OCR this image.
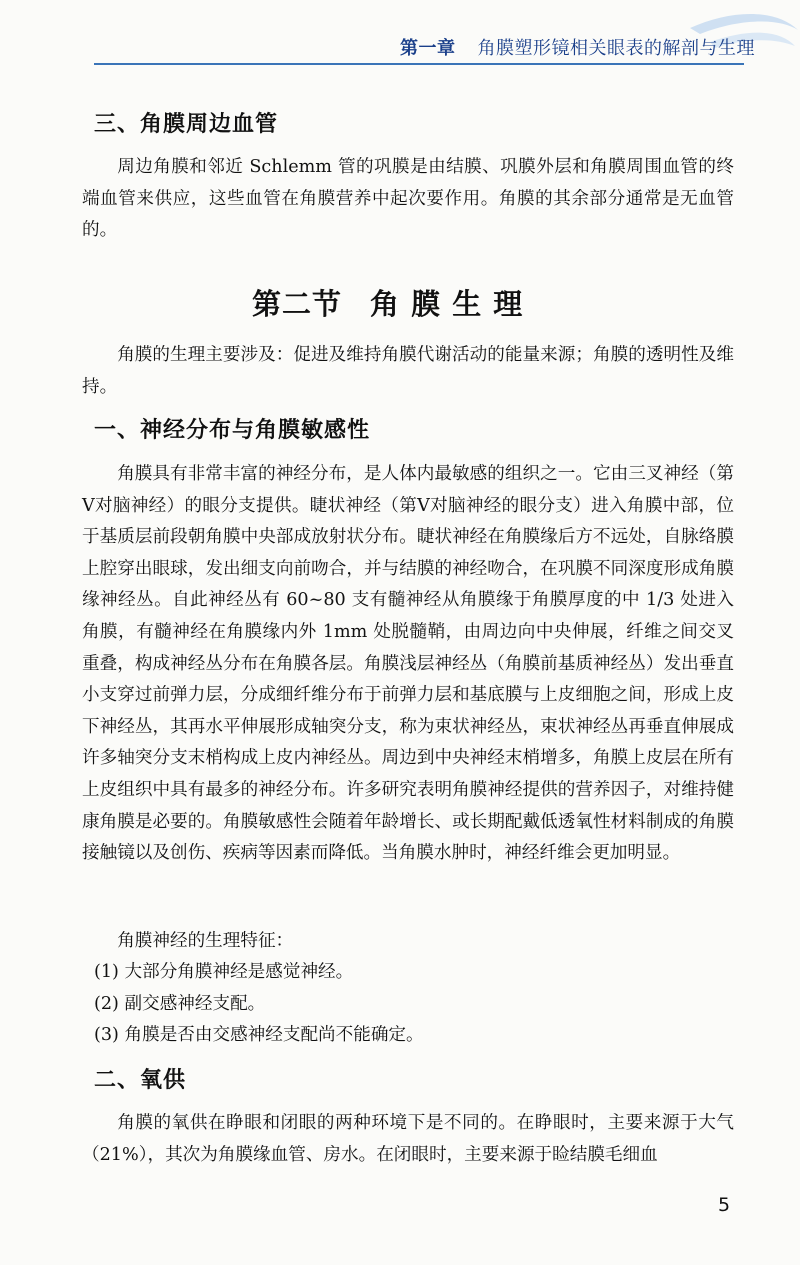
第一章 角膜塑形镜相关眼表的解剖与生理
三、角膜周边血管

周边角膜和邻近 Schlemm 管的巩膜是由结膜、巩膜外层和角膜周围血管的终端血管来供应，这些血管在角膜营养中起次要作用。角膜的其余部分通常是无血管的。

第二节 角 膜 生 理

角膜的生理主要涉及：促进及维持角膜代谢活动的能量来源；角膜的透明性及维持。

一、神经分布与角膜敏感性

角膜具有非常丰富的神经分布，是人体内最敏感的组织之一。它由三叉神经（第Ⅴ对脑神经）的眼分支提供。睫状神经（第Ⅴ对脑神经的眼分支）进入角膜中部，位于基质层前段朝角膜中央部成放射状分布。睫状神经在角膜缘后方不远处，自脉络膜上腔穿出眼球，发出细支向前吻合，并与结膜的神经吻合，在巩膜不同深度形成角膜缘神经丛。自此神经丛有 60~80 支有髓神经从角膜缘于角膜厚度的中 1/3 处进入角膜，有髓神经在角膜缘内外 1mm 处脱髓鞘，由周边向中央伸展，纤维之间交叉重叠，构成神经丛分布在角膜各层。角膜浅层神经丛（角膜前基质神经丛）发出垂直小支穿过前弹力层，分成细纤维分布于前弹力层和基底膜与上皮细胞之间，形成上皮下神经丛，其再水平伸展形成轴突分支，称为束状神经丛，束状神经丛再垂直伸展成许多轴突分支末梢构成上皮内神经丛。周边到中央神经末梢增多，角膜上皮层在所有上皮组织中具有最多的神经分布。许多研究表明角膜神经提供的营养因子，对维持健康角膜是必要的。角膜敏感性会随着年龄增长、或长期配戴低透氧性材料制成的角膜接触镜以及创伤、疾病等因素而降低。当角膜水肿时，神经纤维会更加明显。

角膜神经的生理特征：

(1) 大部分角膜神经是感觉神经。
(2) 副交感神经支配。
(3) 角膜是否由交感神经支配尚不能确定。
二、氧供

角膜的氧供在睁眼和闭眼的两种环境下是不同的。在睁眼时，主要来源于大气（21%），其次为角膜缘血管、房水。在闭眼时，主要来源于睑结膜毛细血

5
